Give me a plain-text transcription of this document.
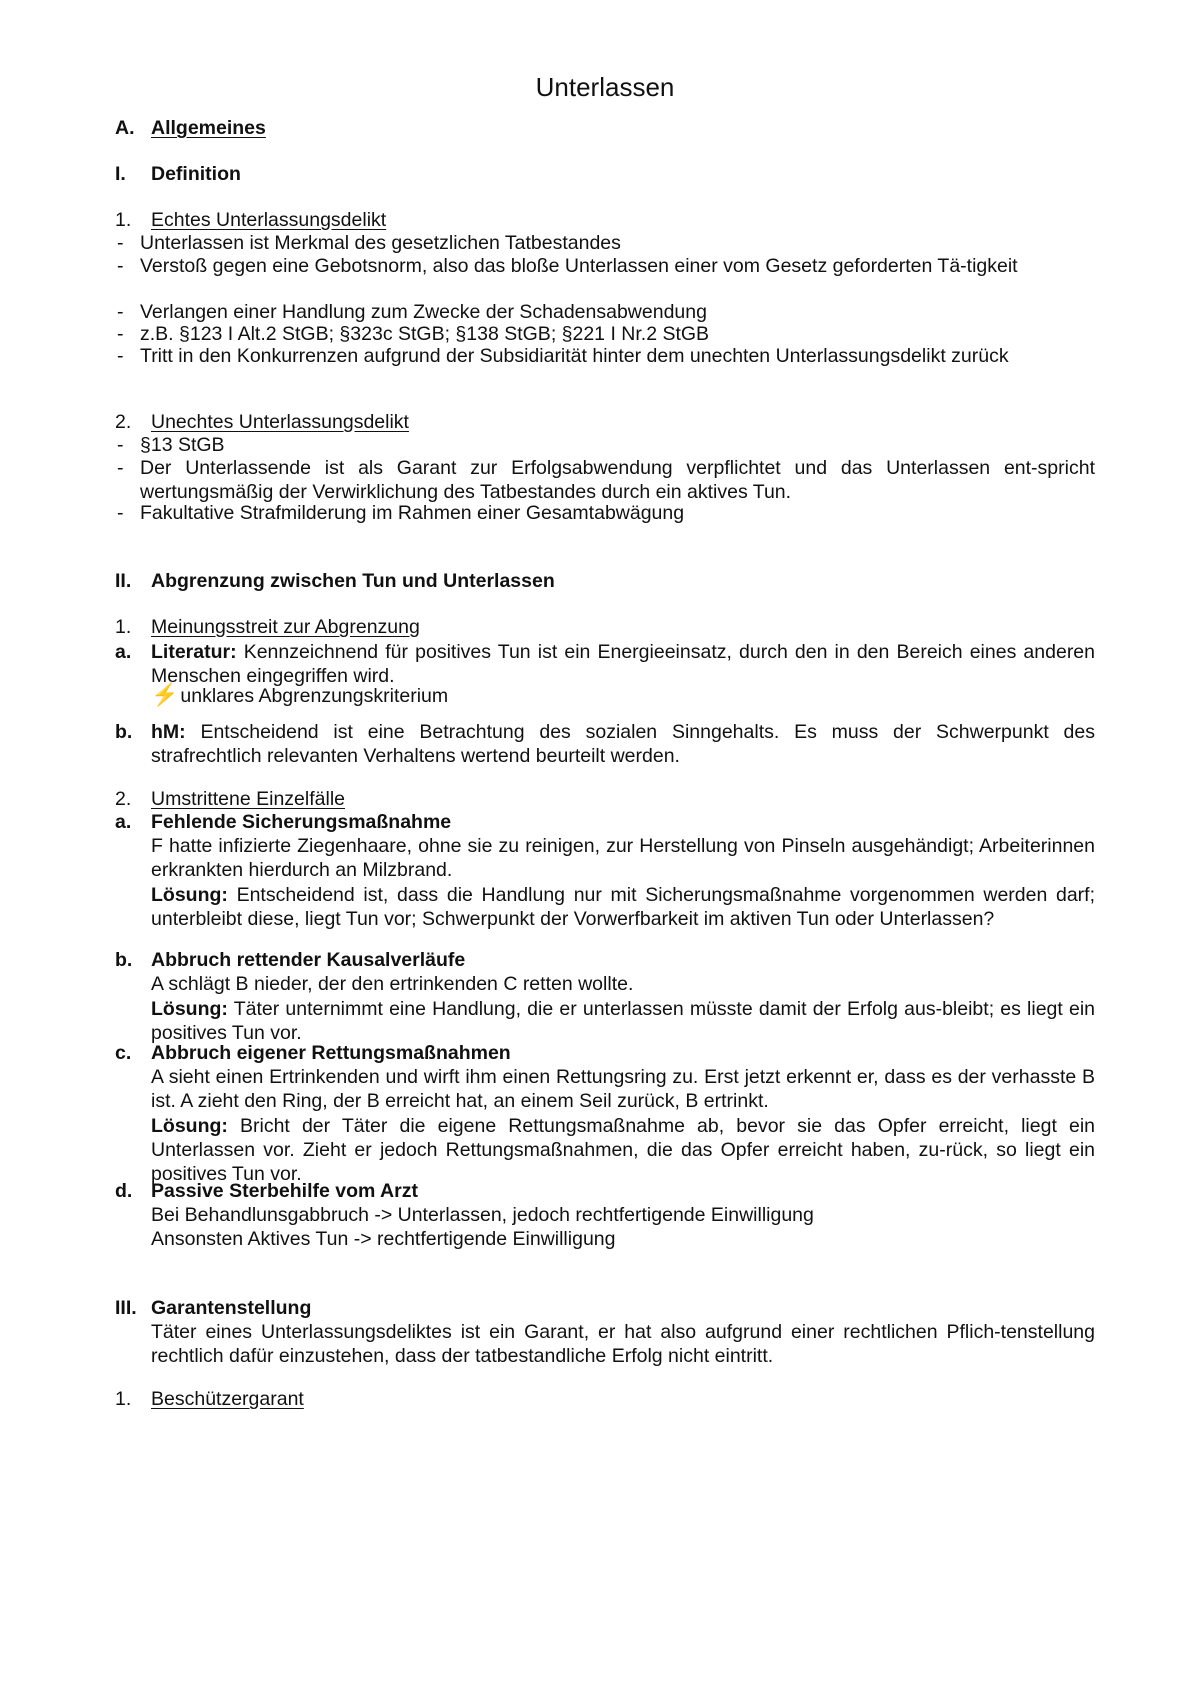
Unterlassen
A. Allgemeines
I. Definition
1. Echtes Unterlassungsdelikt
- Unterlassen ist Merkmal des gesetzlichen Tatbestandes
- Verstoß gegen eine Gebotsnorm, also das bloße Unterlassen einer vom Gesetz geforderten Tä-tigkeit
- Verlangen einer Handlung zum Zwecke der Schadensabwendung
- z.B. §123 I Alt.2 StGB; §323c StGB; §138 StGB; §221 I Nr.2 StGB
- Tritt in den Konkurrenzen aufgrund der Subsidiarität hinter dem unechten Unterlassungsdelikt zurück
2. Unechtes Unterlassungsdelikt
- §13 StGB
- Der Unterlassende ist als Garant zur Erfolgsabwendung verpflichtet und das Unterlassen ent-spricht wertungsmäßig der Verwirklichung des Tatbestandes durch ein aktives Tun.
- Fakultative Strafmilderung im Rahmen einer Gesamtabwägung
II. Abgrenzung zwischen Tun und Unterlassen
1. Meinungsstreit zur Abgrenzung
a. Literatur: Kennzeichnend für positives Tun ist ein Energieeinsatz, durch den in den Bereich eines anderen Menschen eingegriffen wird.
⚡ unklares Abgrenzungskriterium
b. hM: Entscheidend ist eine Betrachtung des sozialen Sinngehalts. Es muss der Schwerpunkt des strafrechtlich relevanten Verhaltens wertend beurteilt werden.
2. Umstrittene Einzelfälle
a. Fehlende Sicherungsmaßnahme
F hatte infizierte Ziegenhaare, ohne sie zu reinigen, zur Herstellung von Pinseln ausgehändigt; Arbeiterinnen erkrankten hierdurch an Milzbrand.
Lösung: Entscheidend ist, dass die Handlung nur mit Sicherungsmaßnahme vorgenommen werden darf; unterbleibt diese, liegt Tun vor; Schwerpunkt der Vorwerfbarkeit im aktiven Tun oder Unterlassen?
b. Abbruch rettender Kausalverläufe
A schlägt B nieder, der den ertrinkenden C retten wollte.
Lösung: Täter unternimmt eine Handlung, die er unterlassen müsste damit der Erfolg aus-bleibt; es liegt ein positives Tun vor.
c. Abbruch eigener Rettungsmaßnahmen
A sieht einen Ertrinkenden und wirft ihm einen Rettungsring zu. Erst jetzt erkennt er, dass es der verhasste B ist. A zieht den Ring, der B erreicht hat, an einem Seil zurück, B ertrinkt.
Lösung: Bricht der Täter die eigene Rettungsmaßnahme ab, bevor sie das Opfer erreicht, liegt ein Unterlassen vor. Zieht er jedoch Rettungsmaßnahmen, die das Opfer erreicht haben, zu-rück, so liegt ein positives Tun vor.
d. Passive Sterbehilfe vom Arzt
Bei Behandlunsgabbruch -> Unterlassen, jedoch rechtfertigende Einwilligung
Ansonsten Aktives Tun -> rechtfertigende Einwilligung
III. Garantenstellung
Täter eines Unterlassungsdeliktes ist ein Garant, er hat also aufgrund einer rechtlichen Pflich-tenstellung rechtlich dafür einzustehen, dass der tatbestandliche Erfolg nicht eintritt.
1. Beschützergarant
